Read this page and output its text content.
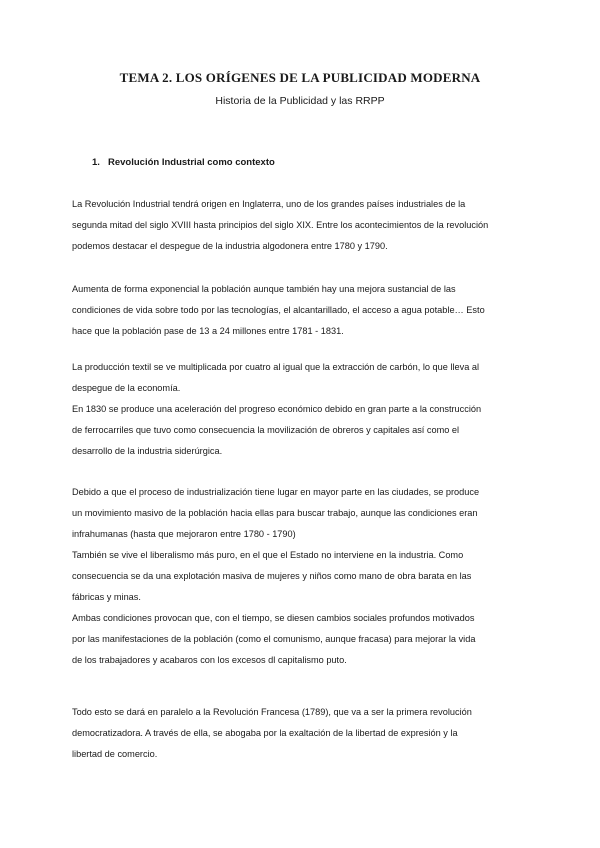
TEMA 2. LOS ORÍGENES DE LA PUBLICIDAD MODERNA
Historia de la Publicidad y las RRPP
1. Revolución Industrial como contexto

La Revolución Industrial tendrá origen en Inglaterra, uno de los grandes países industriales de la
segunda mitad del siglo XVIII hasta principios del siglo XIX. Entre los acontecimientos de la revolución
podemos destacar el despegue de la industria algodonera entre 1780 y 1790.

Aumenta de forma exponencial la población aunque también hay una mejora sustancial de las
condiciones de vida sobre todo por las tecnologías, el alcantarillado, el acceso a agua potable… Esto
hace que la población pase de 13 a 24 millones entre 1781 - 1831.

La producción textil se ve multiplicada por cuatro al igual que la extracción de carbón, lo que lleva al
despegue de la economía.
En 1830 se produce una aceleración del progreso económico debido en gran parte a la construcción
de ferrocarriles que tuvo como consecuencia la movilización de obreros y capitales así como el
desarrollo de la industria siderúrgica.

Debido a que el proceso de industrialización tiene lugar en mayor parte en las ciudades, se produce
un movimiento masivo de la población hacia ellas para buscar trabajo, aunque las condiciones eran
infrahumanas (hasta que mejoraron entre 1780 - 1790)
También se vive el liberalismo más puro, en el que el Estado no interviene en la industria. Como
consecuencia se da una explotación masiva de mujeres y niños como mano de obra barata en las
fábricas y minas.
Ambas condiciones provocan que, con el tiempo, se diesen cambios sociales profundos motivados
por las manifestaciones de la población (como el comunismo, aunque fracasa) para mejorar la vida
de los trabajadores y acabaros con los excesos dl capitalismo puto.

Todo esto se dará en paralelo a la Revolución Francesa (1789), que va a ser la primera revolución
democratizadora. A través de ella, se abogaba por la exaltación de la libertad de expresión y la
libertad de comercio.
